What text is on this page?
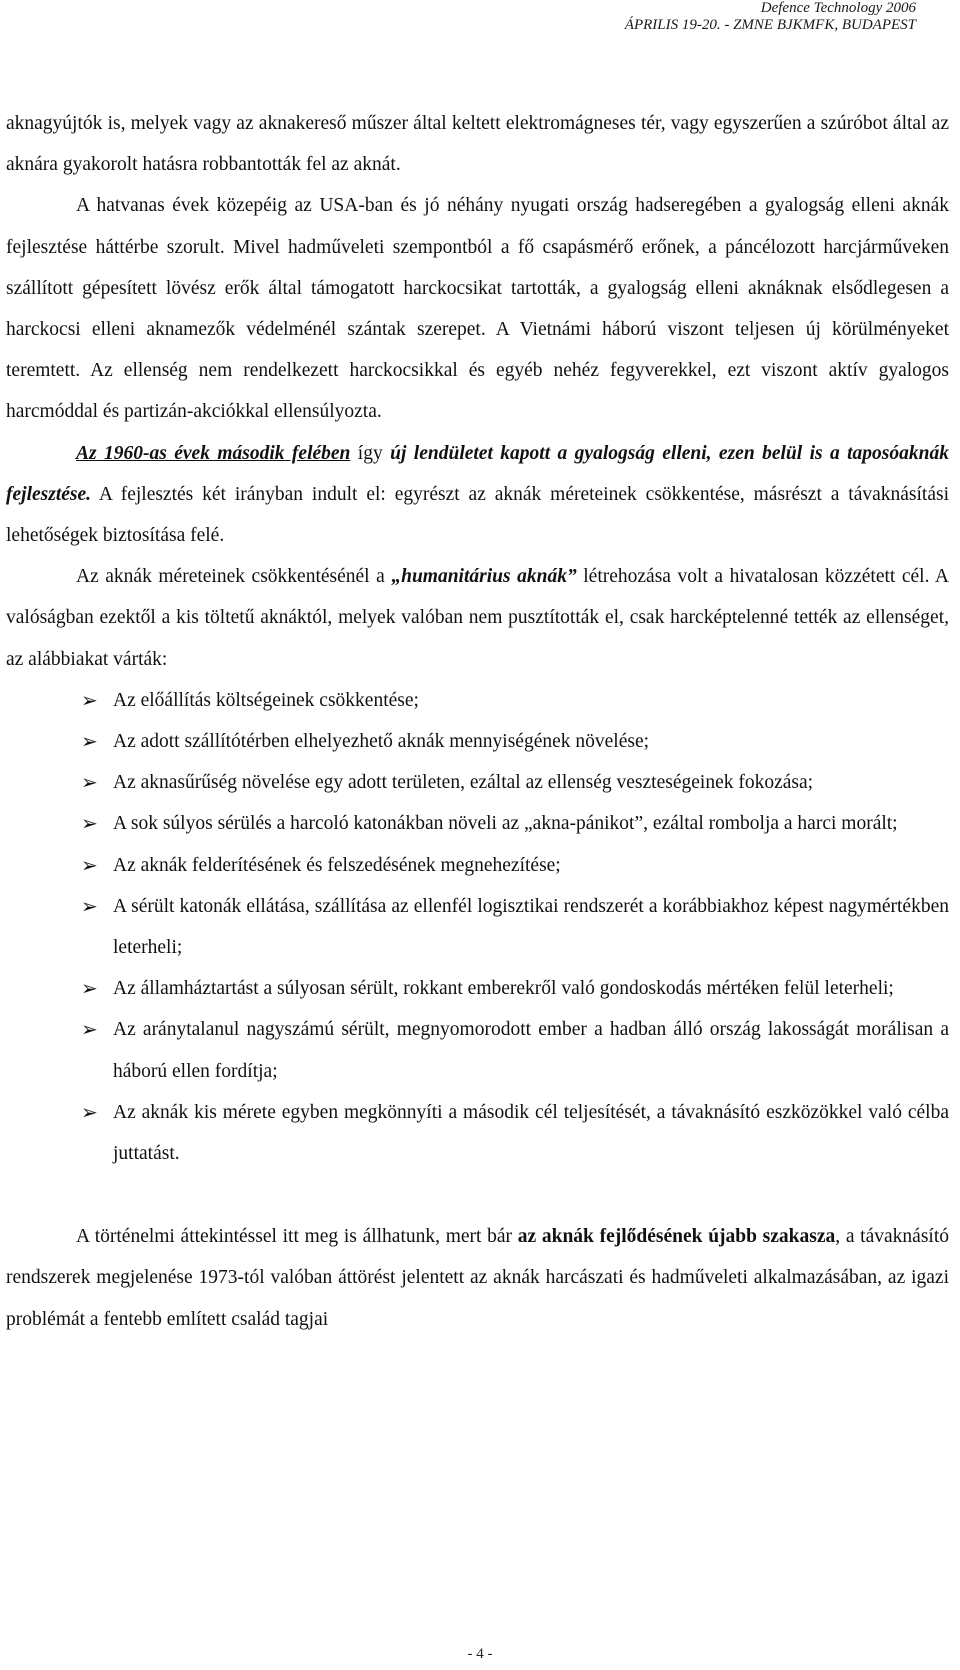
Defence Technology 2006
ÁPRILIS 19-20. - ZMNE BJKMFK, BUDAPEST

aknagyújtók is, melyek vagy az aknakereső műszer által keltett elektromágneses tér, vagy egyszerűen a szúróbot által az aknára gyakorolt hatásra robbantották fel az aknát.

A hatvanas évek közepéig az USA-ban és jó néhány nyugati ország hadseregében a gyalogság elleni aknák fejlesztése háttérbe szorult. Mivel hadműveleti szempontból a fő csapásmérő erőnek, a páncélozott harcjárműveken szállított gépesített lövész erők által támogatott harckocsikat tartották, a gyalogság elleni aknáknak elsődlegesen a harckocsi elleni aknamezők védelménél szántak szerepet. A Vietnámi háború viszont teljesen új körülményeket teremtett. Az ellenség nem rendelkezett harckocsikkal és egyéb nehéz fegyverekkel, ezt viszont aktív gyalogos harcmóddal és partizán-akciókkal ellensúlyozta.

Az 1960-as évek második felében így új lendületet kapott a gyalogság elleni, ezen belül is a taposóaknák fejlesztése. A fejlesztés két irányban indult el: egyrészt az aknák méreteinek csökkentése, másrészt a távaknásítási lehetőségek biztosítása felé.

Az aknák méreteinek csökkentésénél a „humanitárius aknák” létrehozása volt a hivatalosan közzétett cél. A valóságban ezektől a kis töltetű aknáktól, melyek valóban nem pusztították el, csak harcképtelenné tették az ellenséget, az alábbiakat várták:

➢ Az előállítás költségeinek csökkentése;
➢ Az adott szállítótérben elhelyezhető aknák mennyiségének növelése;
➢ Az aknasűrűség növelése egy adott területen, ezáltal az ellenség veszteségeinek fokozása;
➢ A sok súlyos sérülés a harcoló katonákban növeli az „akna-pánikot”, ezáltal rombolja a harci morált;
➢ Az aknák felderítésének és felszedésének megnehezítése;
➢ A sérült katonák ellátása, szállítása az ellenfél logisztikai rendszerét a korábbiakhoz képest nagymértékben leterheli;
➢ Az államháztartást a súlyosan sérült, rokkant emberekről való gondoskodás mértéken felül leterheli;
➢ Az aránytalanul nagyszámú sérült, megnyomorodott ember a hadban álló ország lakosságát morálisan a háború ellen fordítja;
➢ Az aknák kis mérete egyben megkönnyíti a második cél teljesítését, a távaknásító eszközökkel való célba juttatást.

A történelmi áttekintéssel itt meg is állhatunk, mert bár az aknák fejlődésének újabb szakasza, a távaknásító rendszerek megjelenése 1973-tól valóban áttörést jelentett az aknák harcászati és hadműveleti alkalmazásában, az igazi problémát a fentebb említett család tagjai

- 4 -
